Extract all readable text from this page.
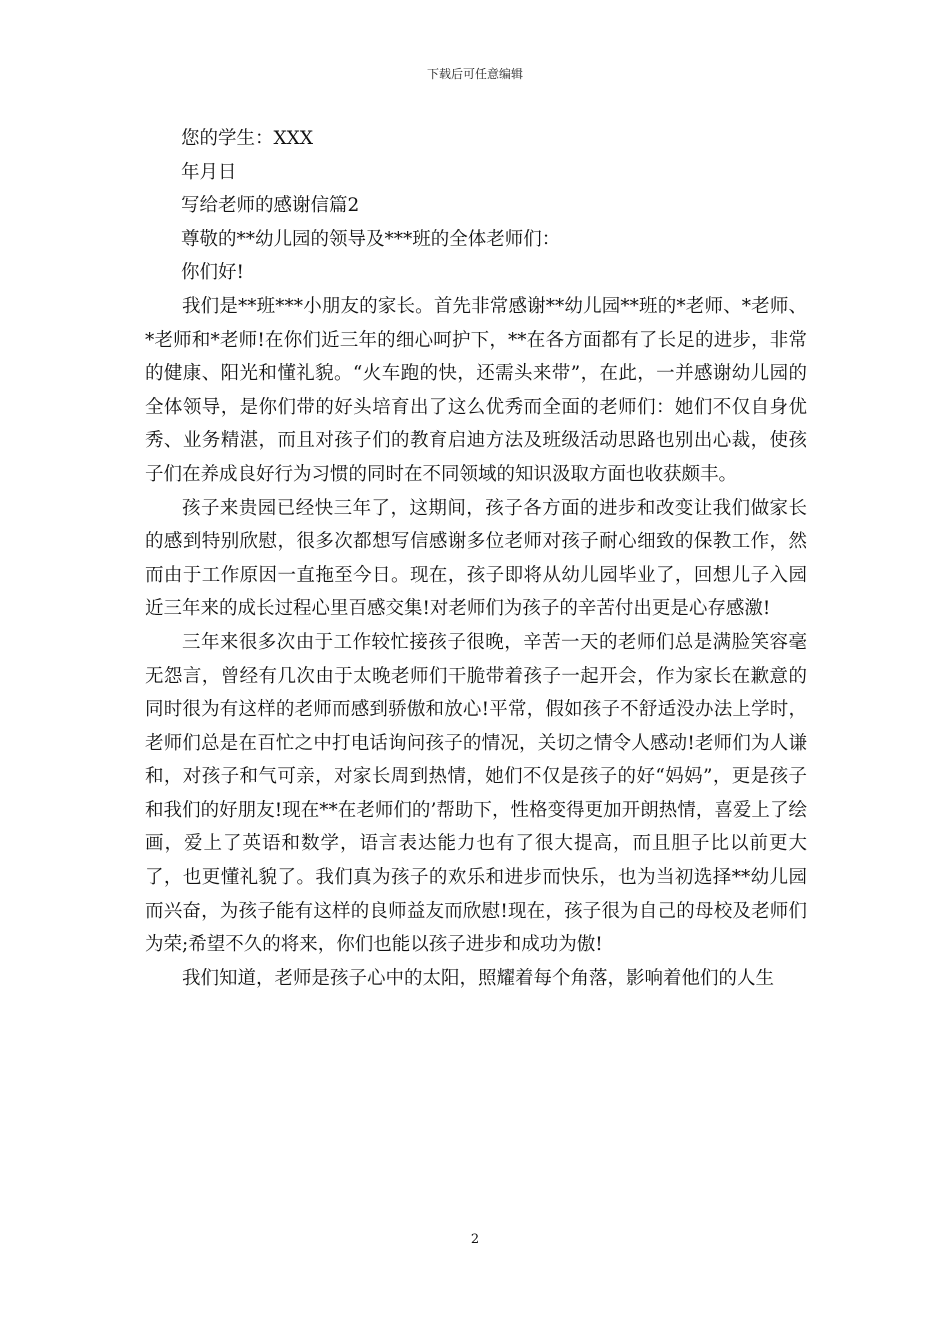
下载后可任意编辑

您的学生：XXX

年月日

写给老师的感谢信篇2

尊敬的**幼儿园的领导及***班的全体老师们：

你们好!

我们是**班***小朋友的家长。首先非常感谢**幼儿园**班的*老师、*老师、*老师和*老师!在你们近三年的细心呵护下，**在各方面都有了长足的进步，非常的健康、阳光和懂礼貌。“火车跑的快，还需头来带”，在此，一并感谢幼儿园的全体领导，是你们带的好头培育出了这么优秀而全面的老师们：她们不仅自身优秀、业务精湛，而且对孩子们的教育启迪方法及班级活动思路也别出心裁，使孩子们在养成良好行为习惯的同时在不同领域的知识汲取方面也收获颇丰。

孩子来贵园已经快三年了，这期间，孩子各方面的进步和改变让我们做家长的感到特别欣慰，很多次都想写信感谢多位老师对孩子耐心细致的保教工作，然而由于工作原因一直拖至今日。现在，孩子即将从幼儿园毕业了，回想儿子入园近三年来的成长过程心里百感交集!对老师们为孩子的辛苦付出更是心存感激!

三年来很多次由于工作较忙接孩子很晚，辛苦一天的老师们总是满脸笑容毫无怨言，曾经有几次由于太晚老师们干脆带着孩子一起开会，作为家长在歉意的同时很为有这样的老师而感到骄傲和放心!平常，假如孩子不舒适没办法上学时，老师们总是在百忙之中打电话询问孩子的情况，关切之情令人感动!老师们为人谦和，对孩子和气可亲，对家长周到热情，她们不仅是孩子的好“妈妈”，更是孩子和我们的好朋友!现在**在老师们的’帮助下，性格变得更加开朗热情，喜爱上了绘画，爱上了英语和数学，语言表达能力也有了很大提高，而且胆子比以前更大了，也更懂礼貌了。我们真为孩子的欢乐和进步而快乐，也为当初选择**幼儿园而兴奋，为孩子能有这样的良师益友而欣慰!现在，孩子很为自己的母校及老师们为荣;希望不久的将来，你们也能以孩子进步和成功为傲!

我们知道，老师是孩子心中的太阳，照耀着每个角落，影响着他们的人生

2
